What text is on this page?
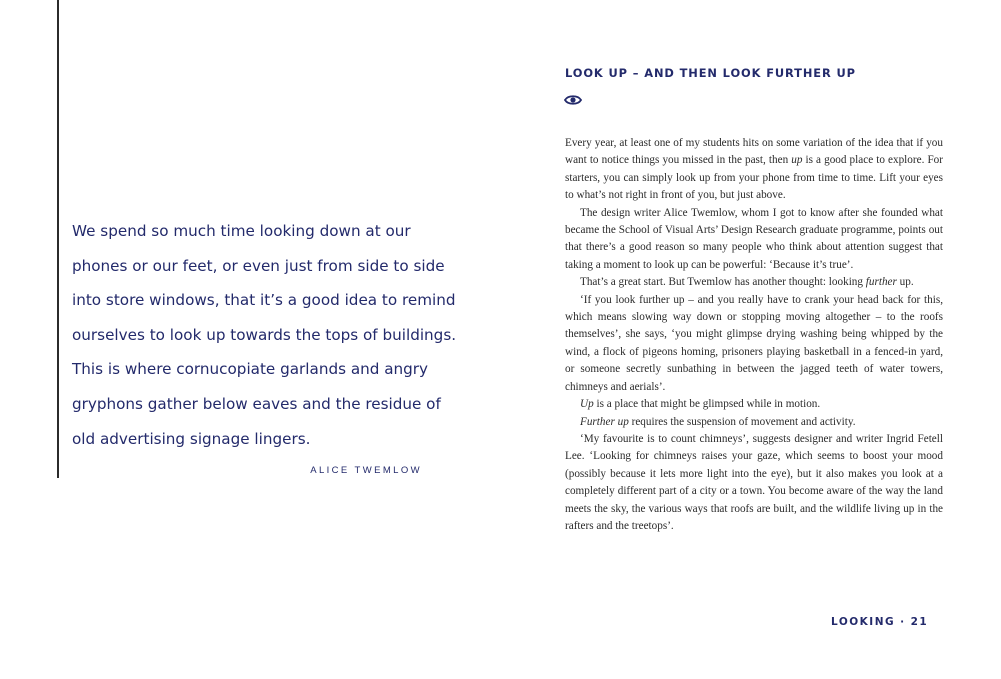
We spend so much time looking down at our
phones or our feet, or even just from side to side
into store windows, that it’s a good idea to remind
ourselves to look up towards the tops of buildings.
This is where cornucopiate garlands and angry
gryphons gather below eaves and the residue of
old advertising signage lingers.
ALICE TWEMLOW
LOOK UP – AND THEN LOOK FURTHER UP

Every year, at least one of my students hits on some variation of the idea that if you want to notice things you missed in the past, then up is a good place to explore. For starters, you can simply look up from your phone from time to time. Lift your eyes to what’s not right in front of you, but just above.

The design writer Alice Twemlow, whom I got to know after she founded what became the School of Visual Arts’ Design Research graduate programme, points out that there’s a good reason so many people who think about attention suggest that taking a moment to look up can be powerful: ‘Because it’s true’.

That’s a great start. But Twemlow has another thought: looking further up.

‘If you look further up – and you really have to crank your head back for this, which means slowing way down or stopping moving altogether – to the roofs themselves’, she says, ‘you might glimpse drying washing being whipped by the wind, a flock of pigeons homing, prisoners playing basketball in a fenced-in yard, or someone secretly sunbathing in between the jagged teeth of water towers, chimneys and aerials’.

Up is a place that might be glimpsed while in motion.

Further up requires the suspension of movement and activity.

‘My favourite is to count chimneys’, suggests designer and writer Ingrid Fetell Lee. ‘Looking for chimneys raises your gaze, which seems to boost your mood (possibly because it lets more light into the eye), but it also makes you look at a completely different part of a city or a town. You become aware of the way the land meets the sky, the various ways that roofs are built, and the wildlife living up in the rafters and the treetops’.

LOOKING · 21
